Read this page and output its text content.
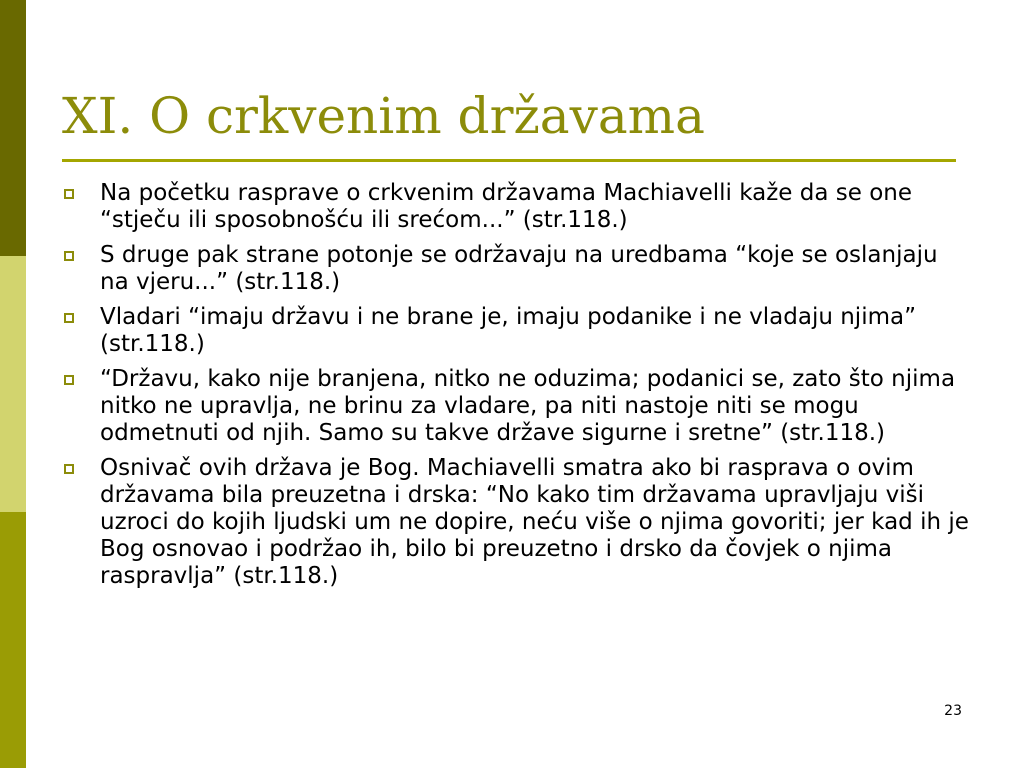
XI. O crkvenim državama
Na početku rasprave o crkvenim državama Machiavelli kaže da se one “stječu ili sposobnošću ili srećom...” (str.118.)
S druge pak strane potonje se održavaju na uredbama “koje se oslanjaju na vjeru...” (str.118.)
Vladari “imaju državu i ne brane je, imaju podanike i ne vladaju njima” (str.118.)
“Državu, kako nije branjena, nitko ne oduzima; podanici se, zato što njima nitko ne upravlja, ne brinu za vladare, pa niti nastoje niti se mogu odmetnuti od njih. Samo su takve države sigurne i sretne” (str.118.)
Osnivač ovih država je Bog. Machiavelli smatra ako bi rasprava o ovim državama bila preuzetna i drska: “No kako tim državama upravljaju viši uzroci do kojih ljudski um ne dopire, neću više o njima govoriti; jer kad ih je Bog osnovao i podržao ih, bilo bi preuzetno i drsko da čovjek o njima raspravlja” (str.118.)
23
